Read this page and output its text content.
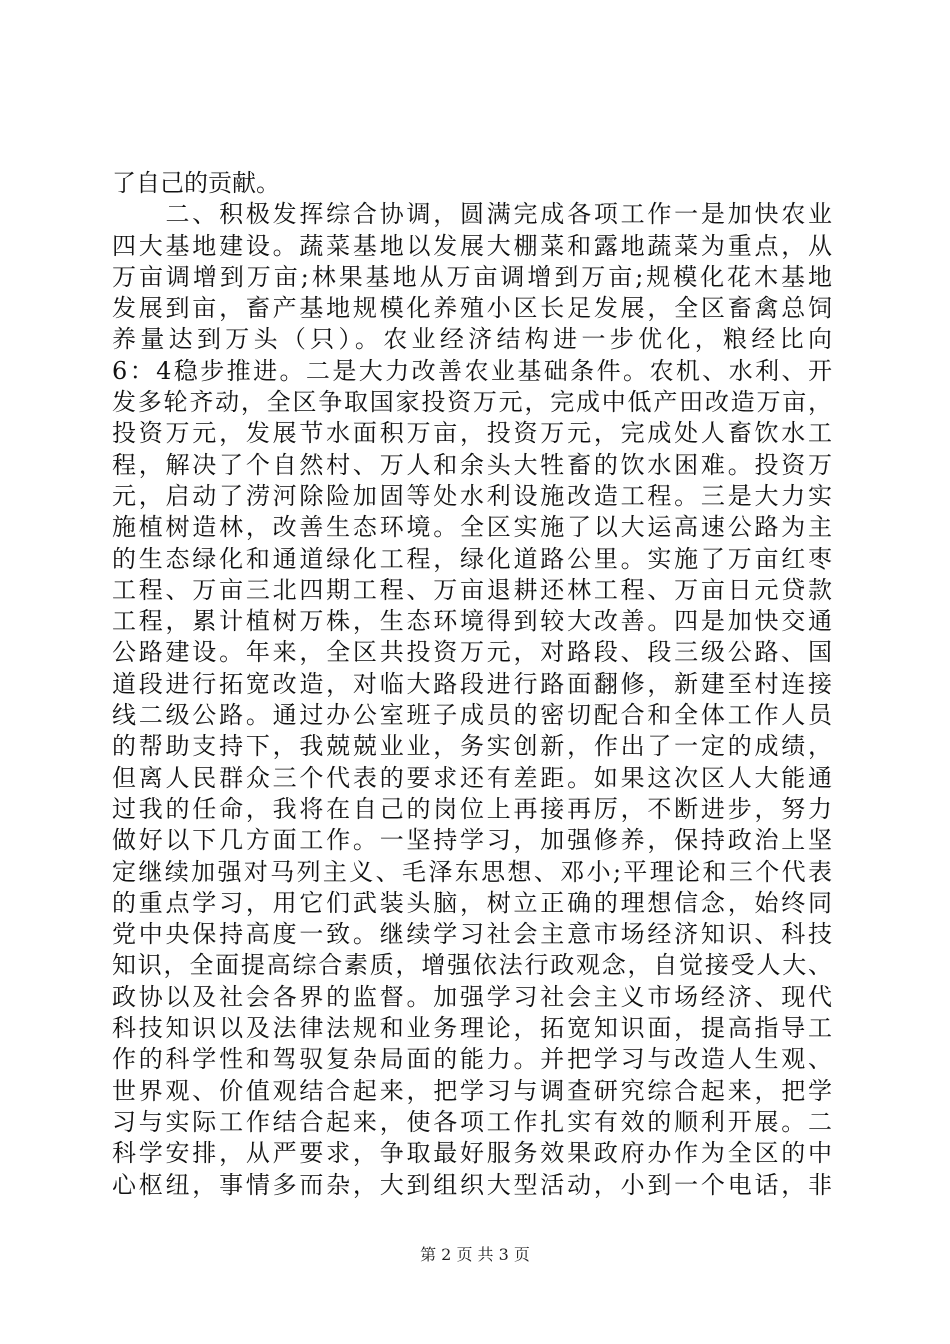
了自己的贡献。
　　二、积极发挥综合协调，圆满完成各项工作一是加快农业
四大基地建设。蔬菜基地以发展大棚菜和露地蔬菜为重点，从
万亩调增到万亩;林果基地从万亩调增到万亩;规模化花木基地
发展到亩，畜产基地规模化养殖小区长足发展，全区畜禽总饲
养量达到万头（只）。农业经济结构进一步优化，粮经比向
6：4稳步推进。二是大力改善农业基础条件。农机、水利、开
发多轮齐动，全区争取国家投资万元，完成中低产田改造万亩，
投资万元，发展节水面积万亩，投资万元，完成处人畜饮水工
程，解决了个自然村、万人和余头大牲畜的饮水困难。投资万
元，启动了涝河除险加固等处水利设施改造工程。三是大力实
施植树造林，改善生态环境。全区实施了以大运高速公路为主
的生态绿化和通道绿化工程，绿化道路公里。实施了万亩红枣
工程、万亩三北四期工程、万亩退耕还林工程、万亩日元贷款
工程，累计植树万株，生态环境得到较大改善。四是加快交通
公路建设。年来，全区共投资万元，对路段、段三级公路、国
道段进行拓宽改造，对临大路段进行路面翻修，新建至村连接
线二级公路。通过办公室班子成员的密切配合和全体工作人员
的帮助支持下，我兢兢业业，务实创新，作出了一定的成绩，
但离人民群众三个代表的要求还有差距。如果这次区人大能通
过我的任命，我将在自己的岗位上再接再厉，不断进步，努力
做好以下几方面工作。一坚持学习，加强修养，保持政治上坚
定继续加强对马列主义、毛泽东思想、邓小;平理论和三个代表
的重点学习，用它们武装头脑，树立正确的理想信念，始终同
党中央保持高度一致。继续学习社会主意市场经济知识、科技
知识，全面提高综合素质，增强依法行政观念，自觉接受人大、
政协以及社会各界的监督。加强学习社会主义市场经济、现代
科技知识以及法律法规和业务理论，拓宽知识面，提高指导工
作的科学性和驾驭复杂局面的能力。并把学习与改造人生观、
世界观、价值观结合起来，把学习与调查研究综合起来，把学
习与实际工作结合起来，使各项工作扎实有效的顺利开展。二
科学安排，从严要求，争取最好服务效果政府办作为全区的中
心枢纽，事情多而杂，大到组织大型活动，小到一个电话，非
第 2 页 共 3 页
